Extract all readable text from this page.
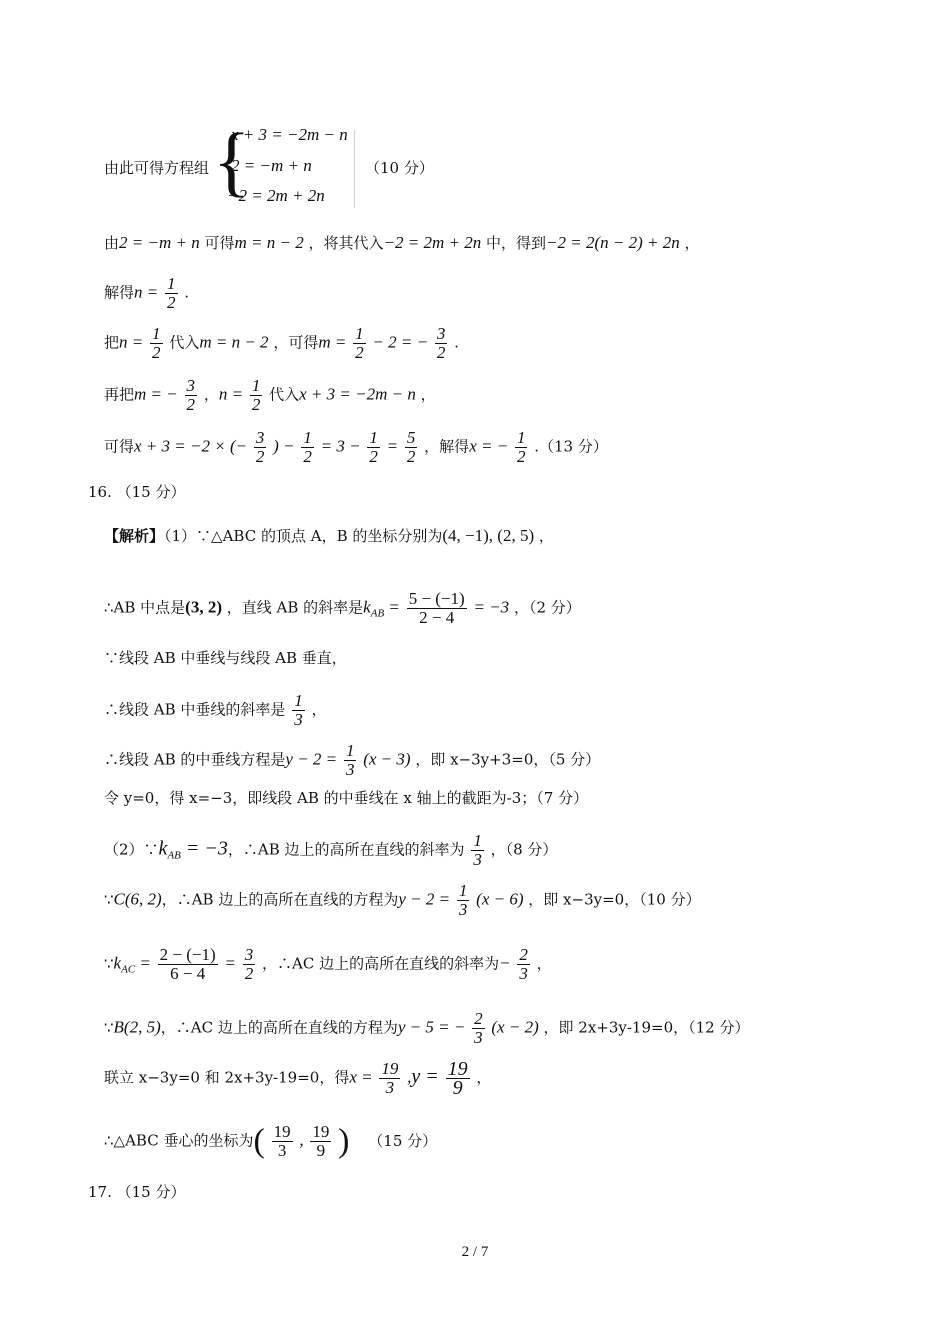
由此可得方程组 {
x + 3 = −2m − n
2 = −m + n
−2 = 2m + 2n
（10 分）
由2 = −m + n 可得m = n − 2 ，将其代入−2 = 2m + 2n 中，得到−2 = 2(n − 2) + 2n ，
解得$n = \frac{1}{2}$ .
把$n = \frac{1}{2}$ 代入m = n − 2 ，可得$m = \frac{1}{2} - 2$ = − $\frac{3}{2}$ .
再把m = − $\frac{3}{2}$ ，$n = \frac{1}{2}$ 代入x + 3 = −2m − n ，
可得x + 3 = −2 × (− $\frac{3}{2}$ ) − $\frac{1}{2} = 3 - \frac{1}{2} = \frac{5}{2}$ ，解得x = − $\frac{1}{2} .(13$ 分）
16. （15 分）
【解析】（1）∵△ABC 的顶点 A，B 的坐标分别为(4, −1), (2, 5) ，
∴AB 中点是(3, 2) ，直线 AB 的斜率是$k_{AB} = \frac{5 - (-1)}{2 - 4} = -3$ ，（2 分）
∵线段 AB 中垂线与线段 AB 垂直，
∴线段 AB 中垂线的斜率是 $\frac{1}{3}$ ，
∴线段 AB 的中垂线方程是$y - 2 = \frac{1}{3} (x - 3)$ ，即 x−3y+3=0，（5 分）
令 y=0，得 x=−3，即线段 AB 的中垂线在 x 轴上的截距为-3；（7 分）
$(2)\because k_{AB} = -3$，∴AB 边上的高所在直线的斜率为 $\frac{1}{3}$ ，（8 分）
∵C(6, 2)，∴AB 边上的高所在直线的方程为$y - 2 = \frac{1}{3} (x - 6)$ ，即 x−3y=0，（10 分）
$\because k_{AC} = \frac{2 - (-1)}{6 - 4} = \frac{3}{2}$ ，∴AC 边上的高所在直线的斜率为− $\frac{2}{3}$ ，
∵B(2, 5)，∴AC 边上的高所在直线的方程为y − 5 = − $\frac{2}{3} (x - 2)$ ，即 2x+3y-19=0，（12 分）
联立 x−3y=0 和 2x+3y-19=0，得$x = \frac{19}{3} ,y = \frac{19}{9}$ ，
∴△ABC 垂心的坐标为( $\frac{19}{3}$ , $\frac{19}{9}$ ) （15 分）
17. （15 分）
2 / 7
